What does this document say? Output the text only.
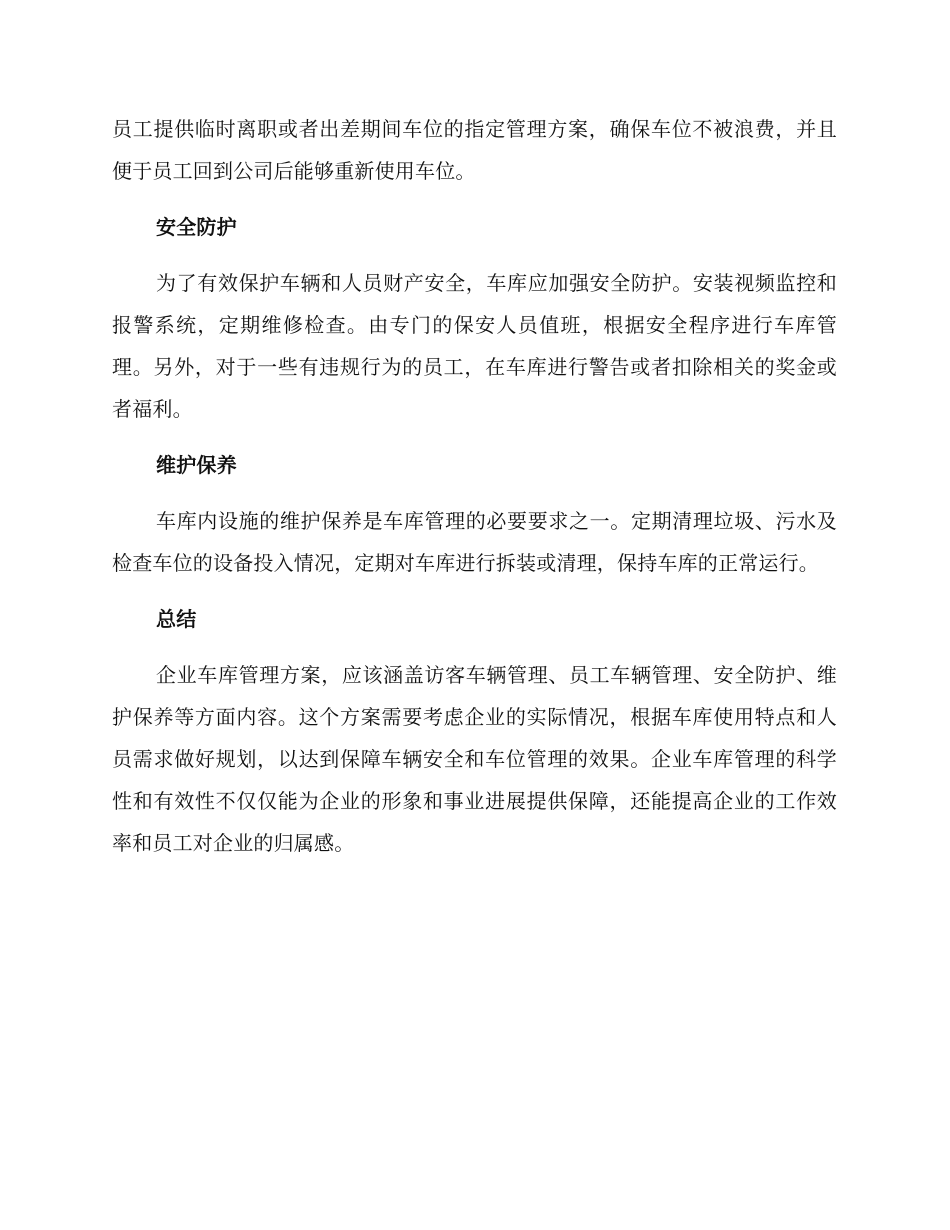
员工提供临时离职或者出差期间车位的指定管理方案，确保车位不被浪费，并且便于员工回到公司后能够重新使用车位。

安全防护

为了有效保护车辆和人员财产安全，车库应加强安全防护。安装视频监控和报警系统，定期维修检查。由专门的保安人员值班，根据安全程序进行车库管理。另外，对于一些有违规行为的员工，在车库进行警告或者扣除相关的奖金或者福利。

维护保养

车库内设施的维护保养是车库管理的必要要求之一。定期清理垃圾、污水及检查车位的设备投入情况，定期对车库进行拆装或清理，保持车库的正常运行。

总结

企业车库管理方案，应该涵盖访客车辆管理、员工车辆管理、安全防护、维护保养等方面内容。这个方案需要考虑企业的实际情况，根据车库使用特点和人员需求做好规划，以达到保障车辆安全和车位管理的效果。企业车库管理的科学性和有效性不仅仅能为企业的形象和事业进展提供保障，还能提高企业的工作效率和员工对企业的归属感。
